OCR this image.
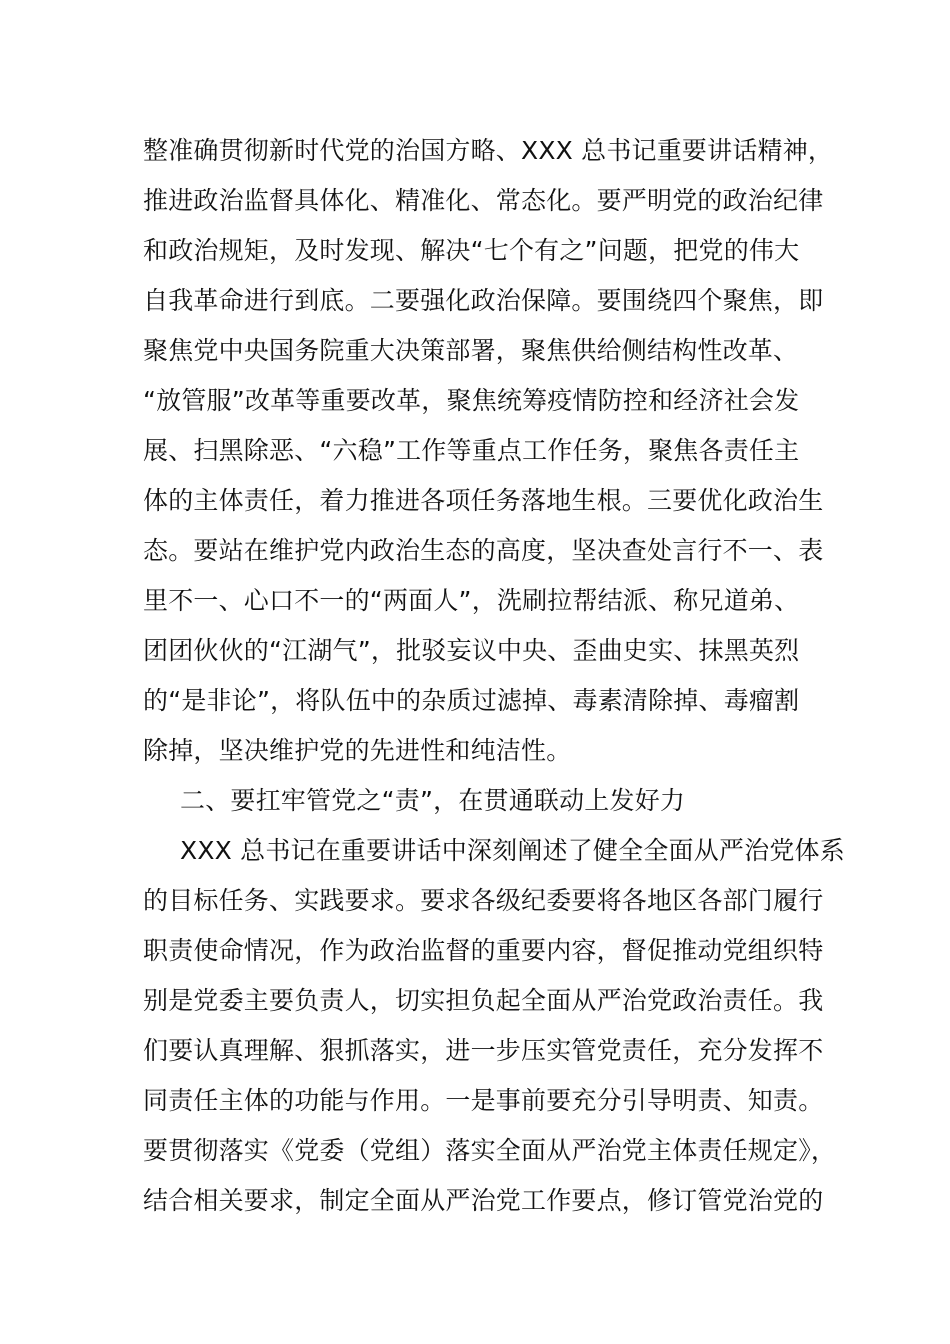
整准确贯彻新时代党的治国方略、XXX 总书记重要讲话精神，
推进政治监督具体化、精准化、常态化。要严明党的政治纪律
和政治规矩，及时发现、解决“七个有之”问题，把党的伟大
自我革命进行到底。二要强化政治保障。要围绕四个聚焦，即
聚焦党中央国务院重大决策部署，聚焦供给侧结构性改革、
“放管服”改革等重要改革，聚焦统筹疫情防控和经济社会发
展、扫黑除恶、“六稳”工作等重点工作任务，聚焦各责任主
体的主体责任，着力推进各项任务落地生根。三要优化政治生
态。要站在维护党内政治生态的高度，坚决查处言行不一、表
里不一、心口不一的“两面人”，洗刷拉帮结派、称兄道弟、
团团伙伙的“江湖气”，批驳妄议中央、歪曲史实、抹黑英烈
的“是非论”，将队伍中的杂质过滤掉、毒素清除掉、毒瘤割
除掉，坚决维护党的先进性和纯洁性。
二、要扛牢管党之“责”，在贯通联动上发好力
XXX 总书记在重要讲话中深刻阐述了健全全面从严治党体系
的目标任务、实践要求。要求各级纪委要将各地区各部门履行
职责使命情况，作为政治监督的重要内容，督促推动党组织特
别是党委主要负责人，切实担负起全面从严治党政治责任。我
们要认真理解、狠抓落实，进一步压实管党责任，充分发挥不
同责任主体的功能与作用。一是事前要充分引导明责、知责。
要贯彻落实《党委（党组）落实全面从严治党主体责任规定》，
结合相关要求，制定全面从严治党工作要点，修订管党治党的
